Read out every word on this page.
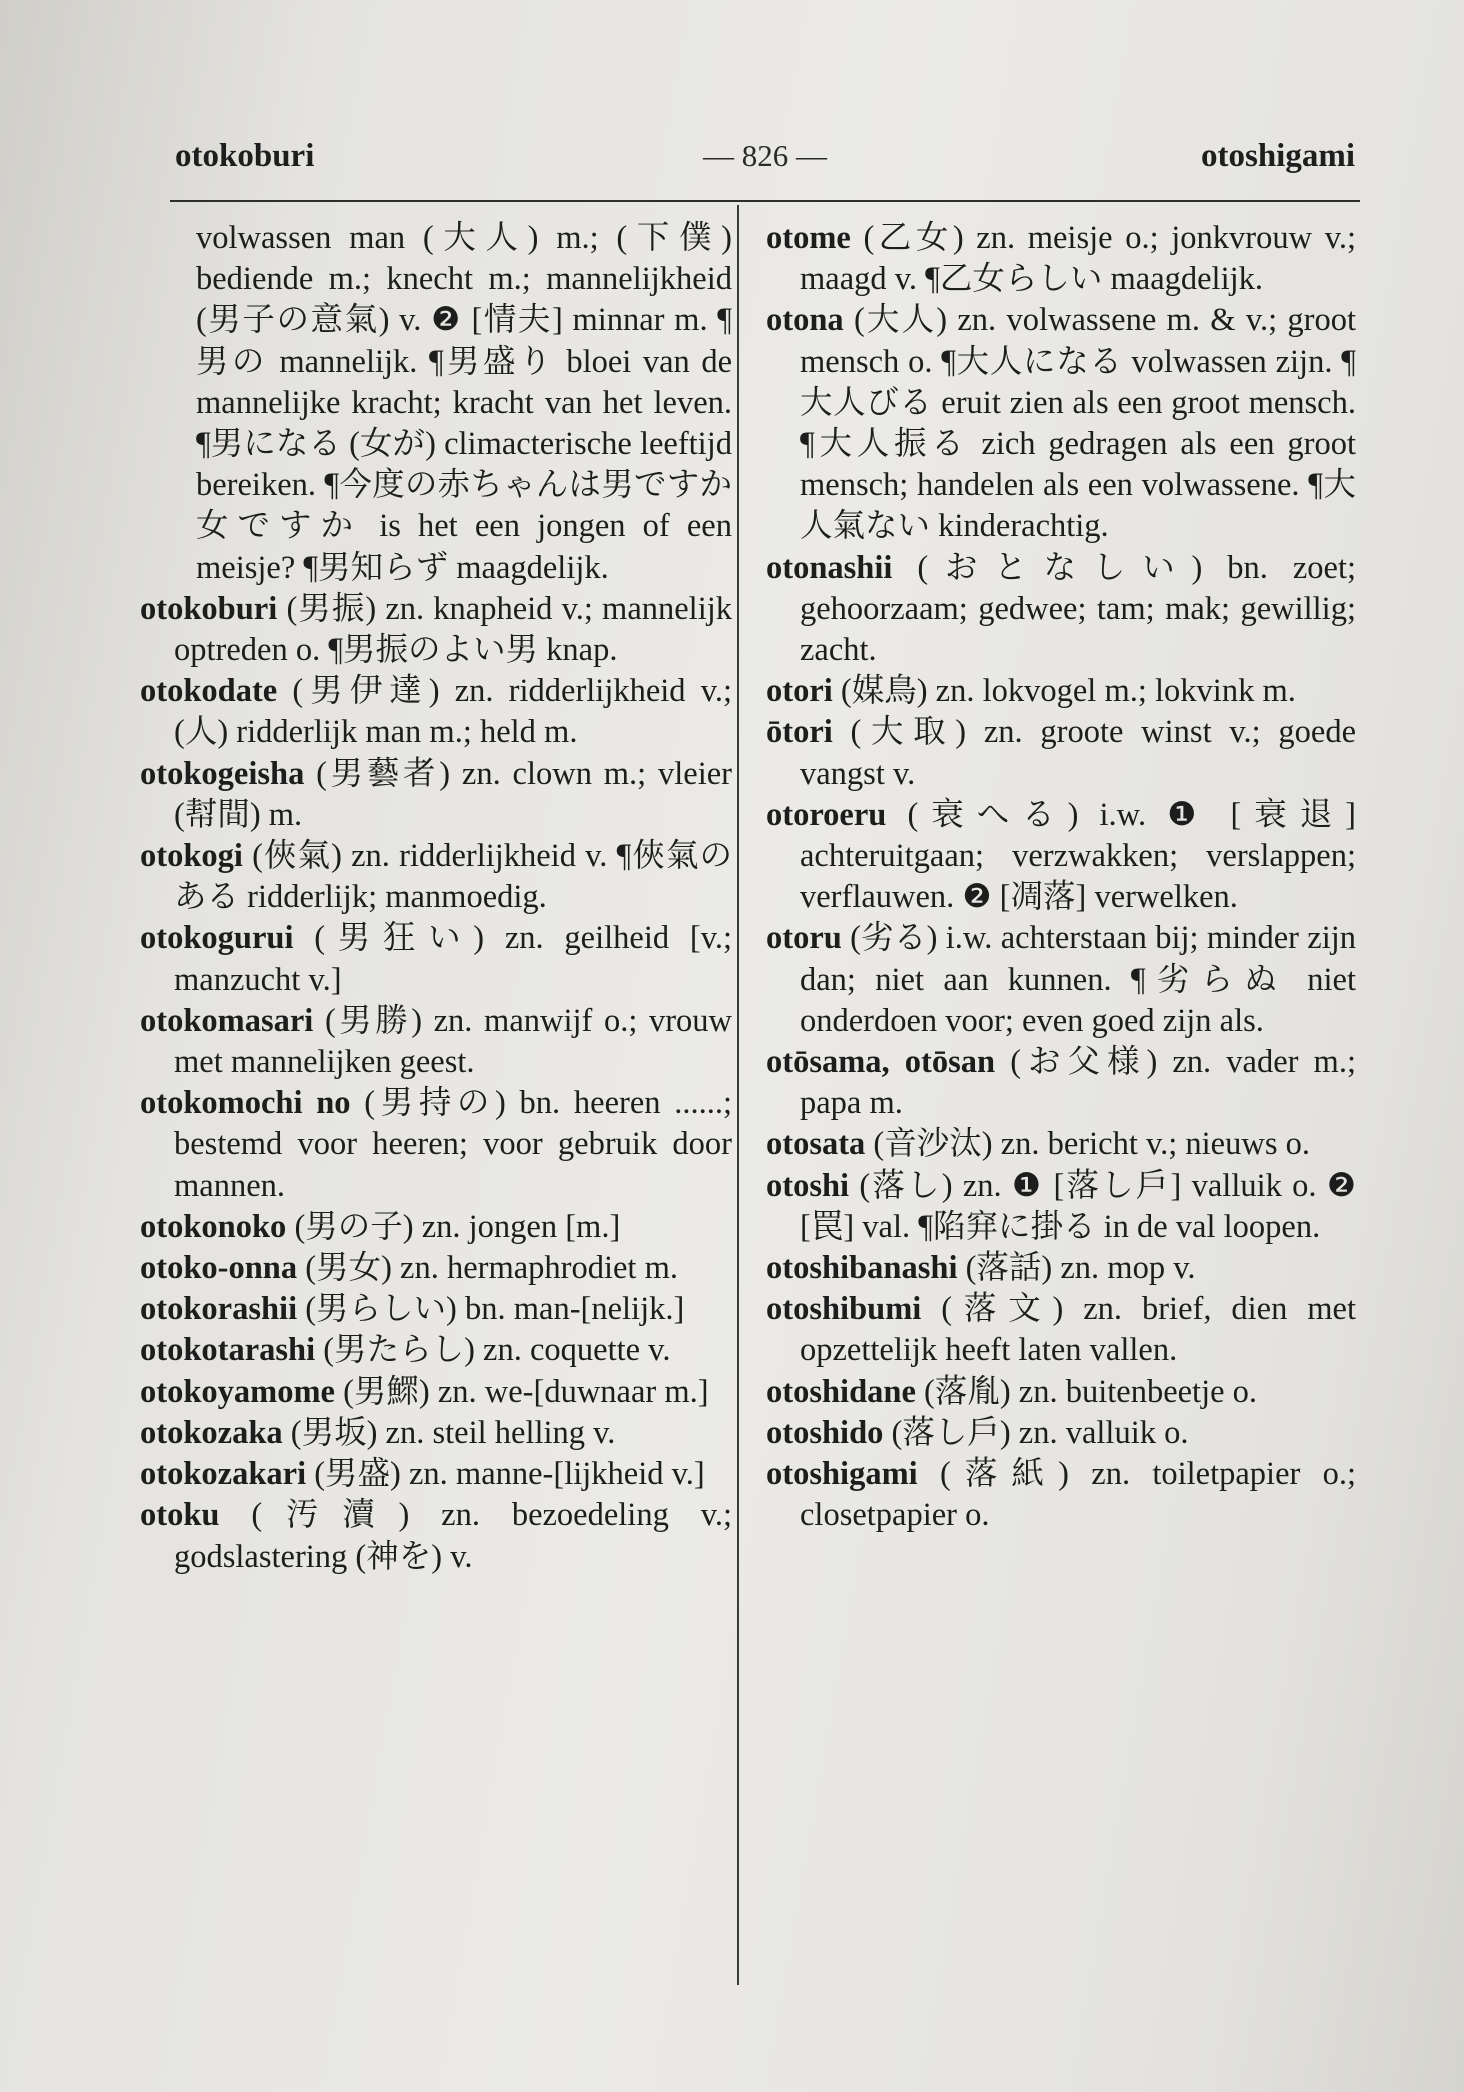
otokoburi	— 826 —	otoshigami
volwassen man (大人) m.; (下僕) bediende m.; knecht m.; mannelijkheid (男子の意氣) v. ❷ [情夫] minnar m. ¶男の mannelijk. ¶男盛り bloei van de mannelijke kracht; kracht van het leven. ¶男になる (女が) climacterische leeftijd bereiken. ¶今度の赤ちゃんは男ですか女ですか is het een jongen of een meisje? ¶男知らず maagdelijk.
otokoburi (男振) zn. knapheid v.; mannelijk optreden o. ¶男振のよい男 knap.
otokodate (男伊達) zn. ridderlijkheid v.; (人) ridderlijk man m.; held m.
otokogeisha (男藝者) zn. clown m.; vleier (幇間) m.
otokogi (俠氣) zn. ridderlijkheid v. ¶俠氣のある ridderlijk; manmoedig.
otokogurui (男狂い) zn. geilheid [v.; manzucht v.]
otokomasari (男勝) zn. manwijf o.; vrouw met mannelijken geest.
otokomochi no (男持の) bn. heeren ......; bestemd voor heeren; voor gebruik door mannen.
otokonoko (男の子) zn. jongen [m.]
otoko-onna (男女) zn. hermaphrodiet m.
otokorashii (男らしい) bn. man-[nelijk.]
otokotarashi (男たらし) zn. coquette v.
otokoyamome (男鰥) zn. we-[duwnaar m.]
otokozaka (男坂) zn. steil helling v.
otokozakari (男盛) zn. manne-[lijkheid v.]
otoku (汚瀆) zn. bezoedeling v.; godslastering (神を) v.
otome (乙女) zn. meisje o.; jonkvrouw v.; maagd v. ¶乙女らしい maagdelijk.
otona (大人) zn. volwassene m. & v.; groot mensch o. ¶大人になる volwassen zijn. ¶大人びる eruit zien als een groot mensch. ¶大人振る zich gedragen als een groot mensch; handelen als een volwassene. ¶大人氣ない kinderachtig.
otonashii (おとなしい) bn. zoet; gehoorzaam; gedwee; tam; mak; gewillig; zacht.
otori (媒鳥) zn. lokvogel m.; lokvink m.
ōtori (大取) zn. groote winst v.; goede vangst v.
otoroeru (衰へる) i.w. ❶ [衰退] achteruitgaan; verzwakken; verslappen; verflauwen. ❷ [凋落] verwelken.
otoru (劣る) i.w. achterstaan bij; minder zijn dan; niet aan kunnen. ¶劣らぬ niet onderdoen voor; even goed zijn als.
otōsama, otōsan (お父様) zn. vader m.; papa m.
otosata (音沙汰) zn. bericht v.; nieuws o.
otoshi (落し) zn. ❶ [落し戶] valluik o. ❷ [罠] val. ¶陷穽に掛る in de val loopen.
otoshibanashi (落話) zn. mop v.
otoshibumi (落文) zn. brief, dien met opzettelijk heeft laten vallen.
otoshidane (落胤) zn. buitenbeetje o.
otoshido (落し戶) zn. valluik o.
otoshigami (落紙) zn. toiletpapier o.; closetpapier o.
